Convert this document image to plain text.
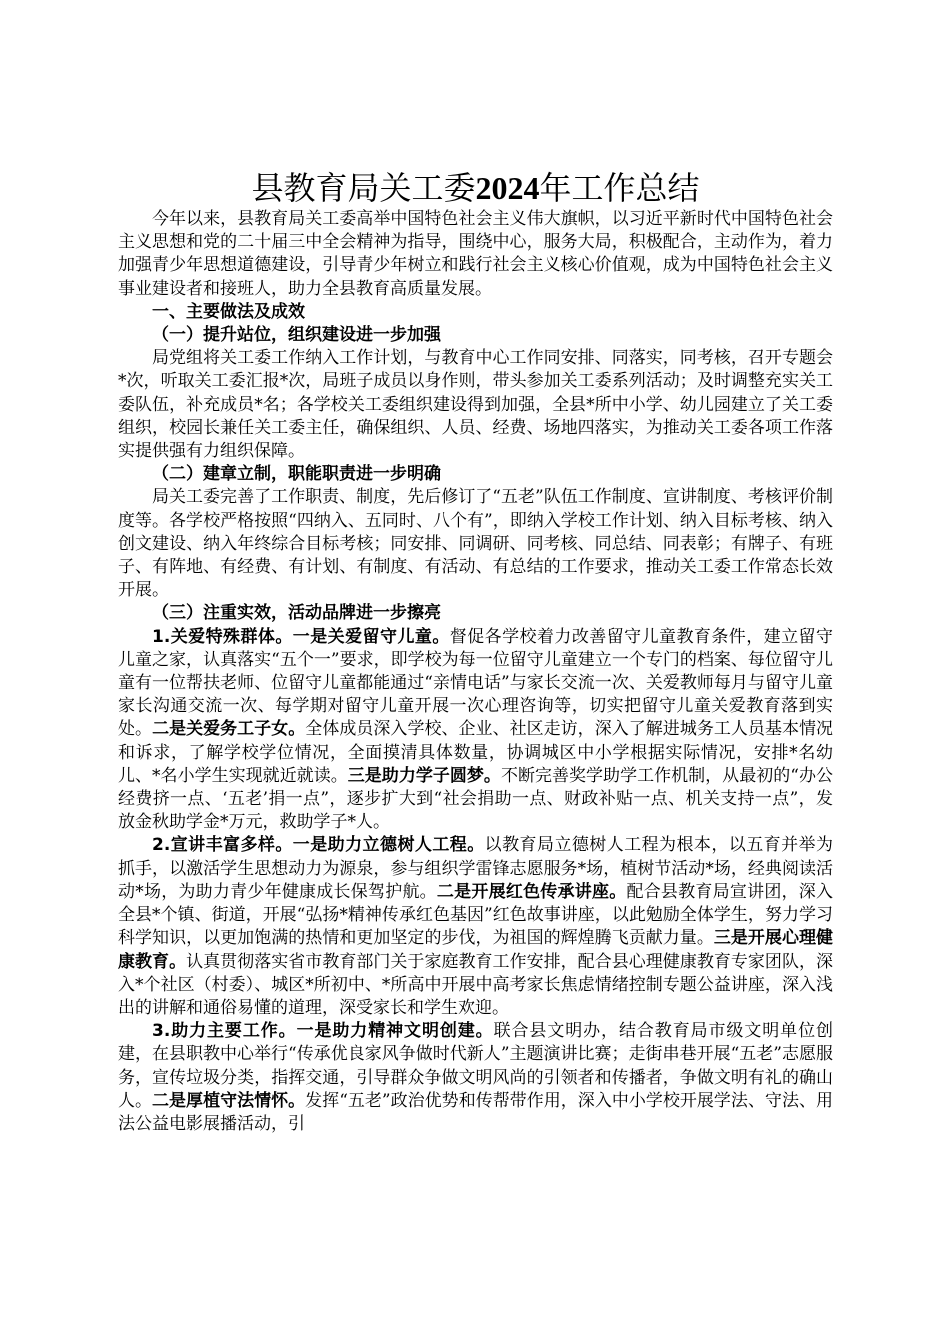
县教育局关工委2024年工作总结

今年以来，县教育局关工委高举中国特色社会主义伟大旗帜，以习近平新时代中国特色社会主义思想和党的二十届三中全会精神为指导，围绕中心，服务大局，积极配合，主动作为，着力加强青少年思想道德建设，引导青少年树立和践行社会主义核心价值观，成为中国特色社会主义事业建设者和接班人，助力全县教育高质量发展。

一、主要做法及成效

（一）提升站位，组织建设进一步加强

局党组将关工委工作纳入工作计划，与教育中心工作同安排、同落实，同考核，召开专题会*次，听取关工委汇报*次，局班子成员以身作则，带头参加关工委系列活动；及时调整充实关工委队伍，补充成员*名；各学校关工委组织建设得到加强，全县*所中小学、幼儿园建立了关工委组织，校园长兼任关工委主任，确保组织、人员、经费、场地四落实，为推动关工委各项工作落实提供强有力组织保障。

（二）建章立制，职能职责进一步明确

局关工委完善了工作职责、制度，先后修订了“五老”队伍工作制度、宣讲制度、考核评价制度等。各学校严格按照“四纳入、五同时、八个有”，即纳入学校工作计划、纳入目标考核、纳入创文建设、纳入年终综合目标考核；同安排、同调研、同考核、同总结、同表彰；有牌子、有班子、有阵地、有经费、有计划、有制度、有活动、有总结的工作要求，推动关工委工作常态长效开展。

（三）注重实效，活动品牌进一步擦亮

1.关爱特殊群体。一是关爱留守儿童。督促各学校着力改善留守儿童教育条件，建立留守儿童之家，认真落实“五个一”要求，即学校为每一位留守儿童建立一个专门的档案、每位留守儿童有一位帮扶老师、位留守儿童都能通过“亲情电话”与家长交流一次、关爱教师每月与留守儿童家长沟通交流一次、每学期对留守儿童开展一次心理咨询等，切实把留守儿童关爱教育落到实处。二是关爱务工子女。全体成员深入学校、企业、社区走访，深入了解进城务工人员基本情况和诉求，了解学校学位情况，全面摸清具体数量，协调城区中小学根据实际情况，安排*名幼儿、*名小学生实现就近就读。三是助力学子圆梦。不断完善奖学助学工作机制，从最初的“办公经费挤一点、‘五老’捐一点”，逐步扩大到“社会捐助一点、财政补贴一点、机关支持一点”，发放金秋助学金*万元，救助学子*人。

2.宣讲丰富多样。一是助力立德树人工程。以教育局立德树人工程为根本，以五育并举为抓手，以激活学生思想动力为源泉，参与组织学雷锋志愿服务*场，植树节活动*场，经典阅读活动*场，为助力青少年健康成长保驾护航。二是开展红色传承讲座。配合县教育局宣讲团，深入全县*个镇、街道，开展“弘扬*精神传承红色基因”红色故事讲座，以此勉励全体学生，努力学习科学知识，以更加饱满的热情和更加坚定的步伐，为祖国的辉煌腾飞贡献力量。三是开展心理健康教育。认真贯彻落实省市教育部门关于家庭教育工作安排，配合县心理健康教育专家团队，深入*个社区（村委）、城区*所初中、*所高中开展中高考家长焦虑情绪控制专题公益讲座，深入浅出的讲解和通俗易懂的道理，深受家长和学生欢迎。

3.助力主要工作。一是助力精神文明创建。联合县文明办，结合教育局市级文明单位创建，在县职教中心举行“传承优良家风争做时代新人”主题演讲比赛；走街串巷开展“五老”志愿服务，宣传垃圾分类，指挥交通，引导群众争做文明风尚的引领者和传播者，争做文明有礼的确山人。二是厚植守法情怀。发挥“五老”政治优势和传帮带作用，深入中小学校开展学法、守法、用法公益电影展播活动，引
